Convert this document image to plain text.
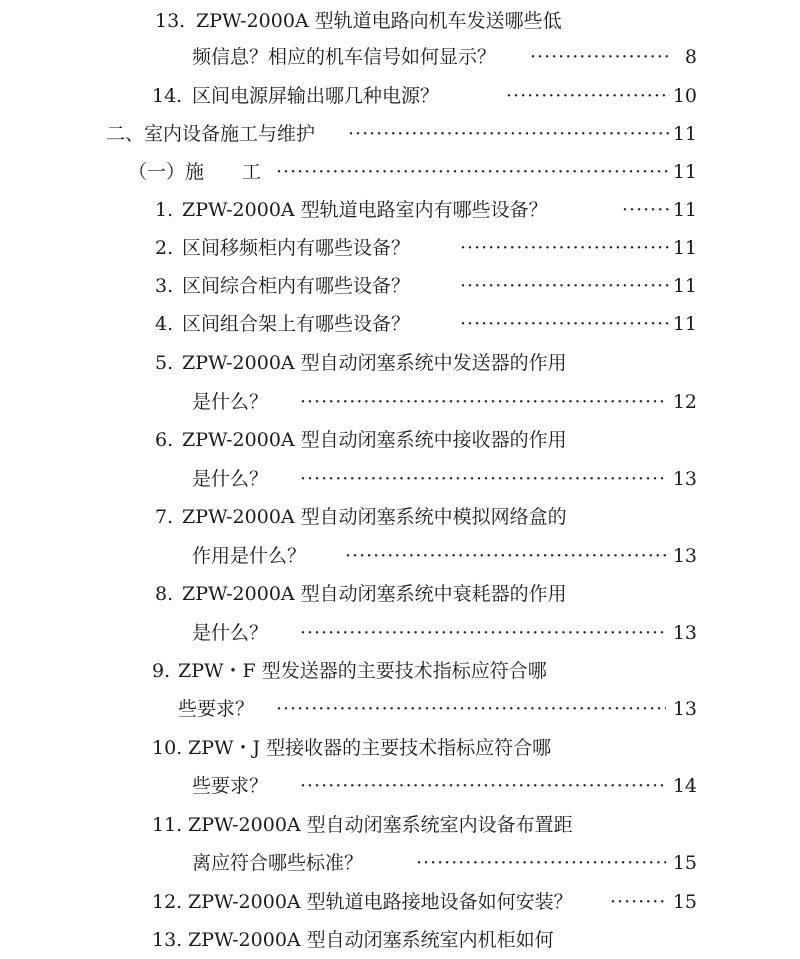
13. ZPW-2000A 型轨道电路向机车发送哪些低
频信息？相应的机车信号如何显示？ ·····	8
14. 区间电源屏输出哪几种电源？ ·····	10
二、室内设备施工与维护 ·····	11
（一）施　　工 ·····	11
1. ZPW-2000A 型轨道电路室内有哪些设备？ ·····	11
2. 区间移频柜内有哪些设备？ ·····	11
3. 区间综合柜内有哪些设备？ ·····	11
4. 区间组合架上有哪些设备？ ·····	11
5. ZPW-2000A 型自动闭塞系统中发送器的作用
是什么？ ·····	12
6. ZPW-2000A 型自动闭塞系统中接收器的作用
是什么？ ·····	13
7. ZPW-2000A 型自动闭塞系统中模拟网络盒的
作用是什么？ ·····	13
8. ZPW-2000A 型自动闭塞系统中衰耗器的作用
是什么？ ·····	13
9. ZPW・F 型发送器的主要技术指标应符合哪
些要求？ ·····	13
10. ZPW・J 型接收器的主要技术指标应符合哪
些要求？ ·····	14
11. ZPW-2000A 型自动闭塞系统室内设备布置距
离应符合哪些标准？ ·····	15
12. ZPW-2000A 型轨道电路接地设备如何安装？ ·····	15
13. ZPW-2000A 型自动闭塞系统室内机柜如何
